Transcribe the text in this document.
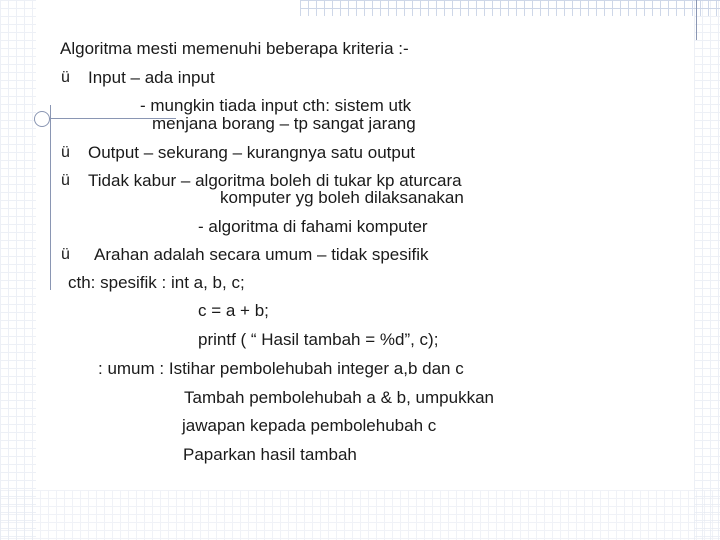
Algoritma mesti memenuhi beberapa kriteria :-
ü Input – ada input
- mungkin tiada input cth: sistem utk
menjana borang – tp sangat jarang
ü Output – sekurang – kurangnya satu output
ü Tidak kabur – algoritma boleh di tukar kp aturcara
komputer yg boleh dilaksanakan
- algoritma di fahami komputer
ü Arahan adalah secara umum – tidak spesifik
cth: spesifik : int a, b, c;
c = a + b;
printf ( “ Hasil tambah = %d”, c);
: umum : Istihar pembolehubah integer a,b dan c
Tambah pembolehubah a & b, umpukkan
jawapan kepada pembolehubah c
Paparkan hasil tambah
